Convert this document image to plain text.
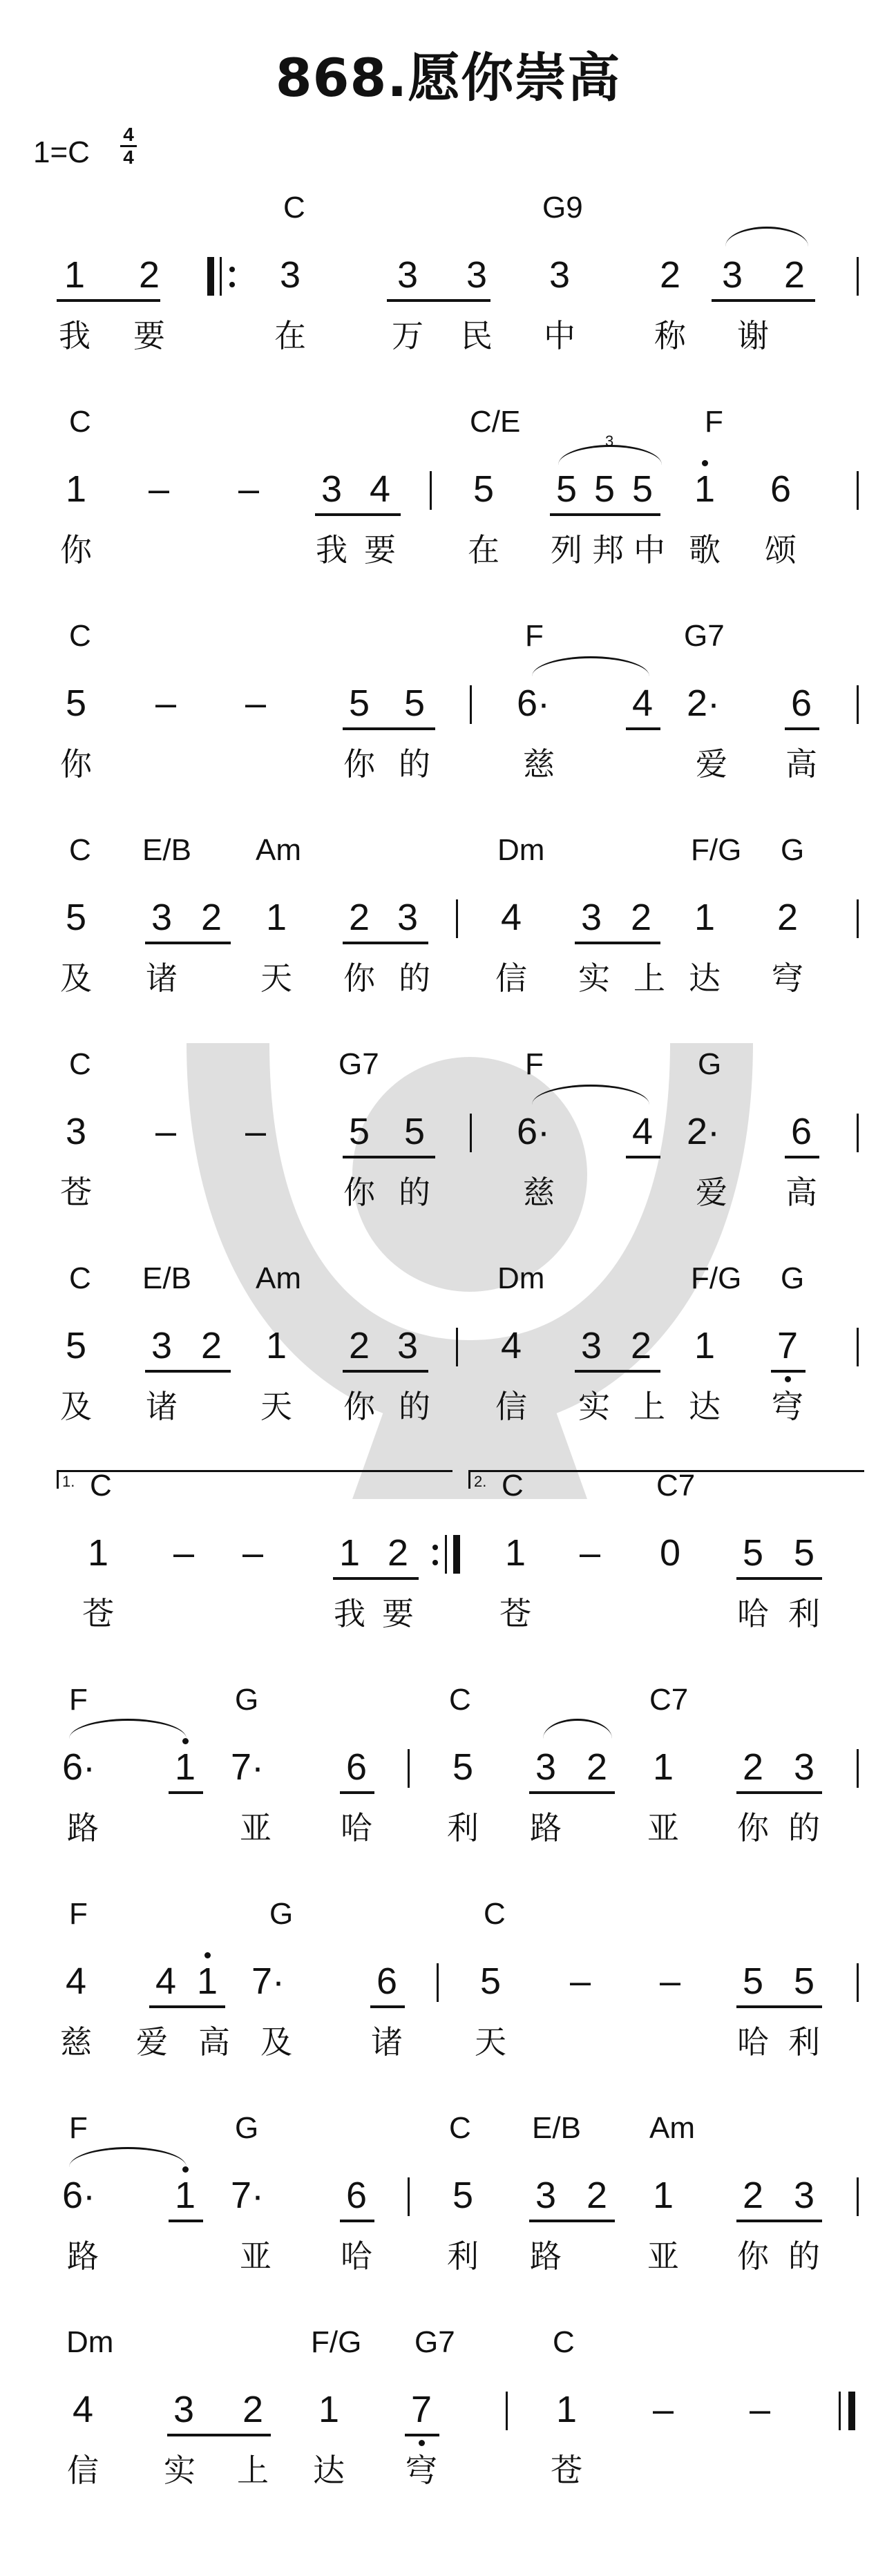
868.愿你崇高
1=C
4
4
C	G9
1 2	3	3 3 3 2 3 2
我 要	在	万 民 中 称 谢
C	C/E	F
1 – – 3 4 5 5 5 5
3
1 6
你	我 要 在 列 邦 中 歌 颂
C	F	G7
5 – – 5 5 6· 4 2· 6
你	你 的	慈	爱 高
C E/B Am	Dm	F/G G
5 3 2 1 2 3 4 3 2 1 2
及 诸	天 你 的 信 实 上 达 穹
C	G7	F	G
3 – – 5 5 6· 4 2· 6
苍	你 的	慈	爱 高
C E/B Am	Dm	F/G G
5 3 2 1 2 3 4 3 2 1 7
及 诸	天 你 的 信 实 上 达 穹
1.	2.
C	C	C7
1 – – 1 2	1 – 0 5 5
苍	我 要	苍	哈 利
F	G	C	C7
6· 1 7· 6 5 3 2 1 2 3
路	亚 哈 利 路	亚 你 的
F	G	C
4 4 1 7· 6 5 – – 5 5
慈 爱 高 及 诸 天	哈 利
F	G	C E/B Am
6· 1 7· 6 5 3 2 1 2 3
路	亚 哈 利 路	亚 你 的
Dm	F/G G7	C
4 3 2 1 7	1 – –
信 实 上 达 穹	苍
